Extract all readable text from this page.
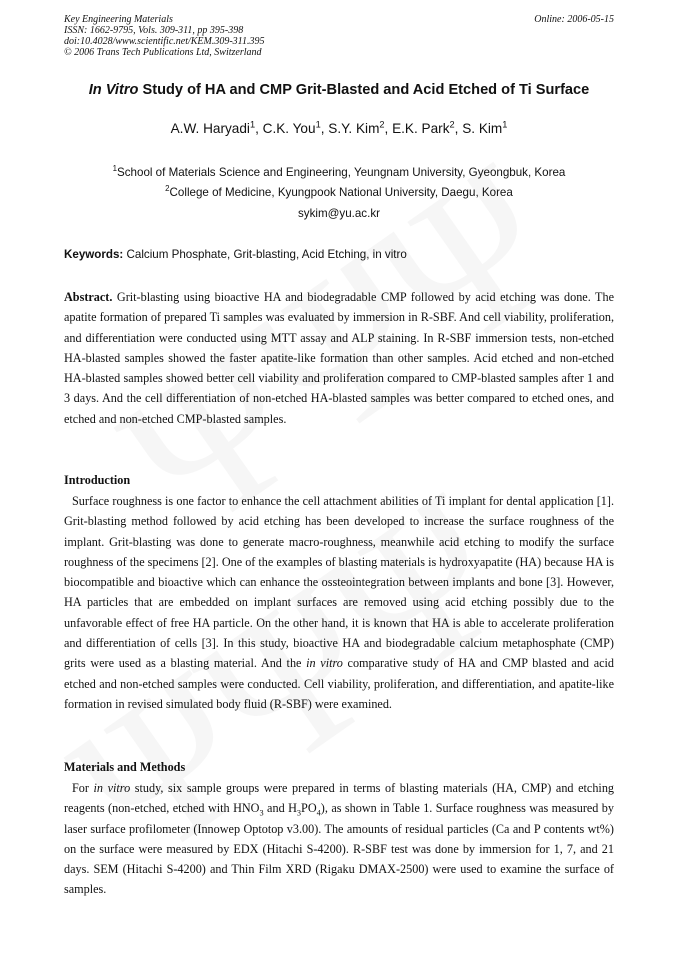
Key Engineering Materials
ISSN: 1662-9795, Vols. 309-311, pp 395-398
doi:10.4028/www.scientific.net/KEM.309-311.395
© 2006 Trans Tech Publications Ltd, Switzerland
Online: 2006-05-15
In Vitro Study of HA and CMP Grit-Blasted and Acid Etched of Ti Surface
A.W. Haryadi$^1$, C.K. You$^1$, S.Y. Kim$^2$, E.K. Park$^2$, S. Kim$^1$
$^1$School of Materials Science and Engineering, Yeungnam University, Gyeongbuk, Korea
$^2$College of Medicine, Kyungpook National University, Daegu, Korea
sykim@yu.ac.kr
Keywords: Calcium Phosphate, Grit-blasting, Acid Etching, in vitro
Abstract. Grit-blasting using bioactive HA and biodegradable CMP followed by acid etching was done. The apatite formation of prepared Ti samples was evaluated by immersion in R-SBF. And cell viability, proliferation, and differentiation were conducted using MTT assay and ALP staining. In R-SBF immersion tests, non-etched HA-blasted samples showed the faster apatite-like formation than other samples. Acid etched and non-etched HA-blasted samples showed better cell viability and proliferation compared to CMP-blasted samples after 1 and 3 days. And the cell differentiation of non-etched HA-blasted samples was better compared to etched ones, and etched and non-etched CMP-blasted samples.
Introduction
Surface roughness is one factor to enhance the cell attachment abilities of Ti implant for dental application [1]. Grit-blasting method followed by acid etching has been developed to increase the surface roughness of the implant. Grit-blasting was done to generate macro-roughness, meanwhile acid etching to modify the surface roughness of the specimens [2]. One of the examples of blasting materials is hydroxyapatite (HA) because HA is biocompatible and bioactive which can enhance the ossteointegration between implants and bone [3]. However, HA particles that are embedded on implant surfaces are removed using acid etching possibly due to the unfavorable effect of free HA particle. On the other hand, it is known that HA is able to accelerate proliferation and differentiation of cells [3]. In this study, bioactive HA and biodegradable calcium metaphosphate (CMP) grits were used as a blasting material. And the in vitro comparative study of HA and CMP blasted and acid etched and non-etched samples were conducted. Cell viability, proliferation, and differentiation, and apatite-like formation in revised simulated body fluid (R-SBF) were examined.
Materials and Methods
For in vitro study, six sample groups were prepared in terms of blasting materials (HA, CMP) and etching reagents (non-etched, etched with $HNO_3$ and $H_3PO_4$), as shown in Table 1. Surface roughness was measured by laser surface profilometer (Innowep Optotop v3.00). The amounts of residual particles (Ca and P contents wt%) on the surface were measured by EDX (Hitachi S-4200). R-SBF test was done by immersion for 1, 7, and 21 days. SEM (Hitachi S-4200) and Thin Film XRD (Rigaku DMAX-2500) were used to examine the surface of samples.
